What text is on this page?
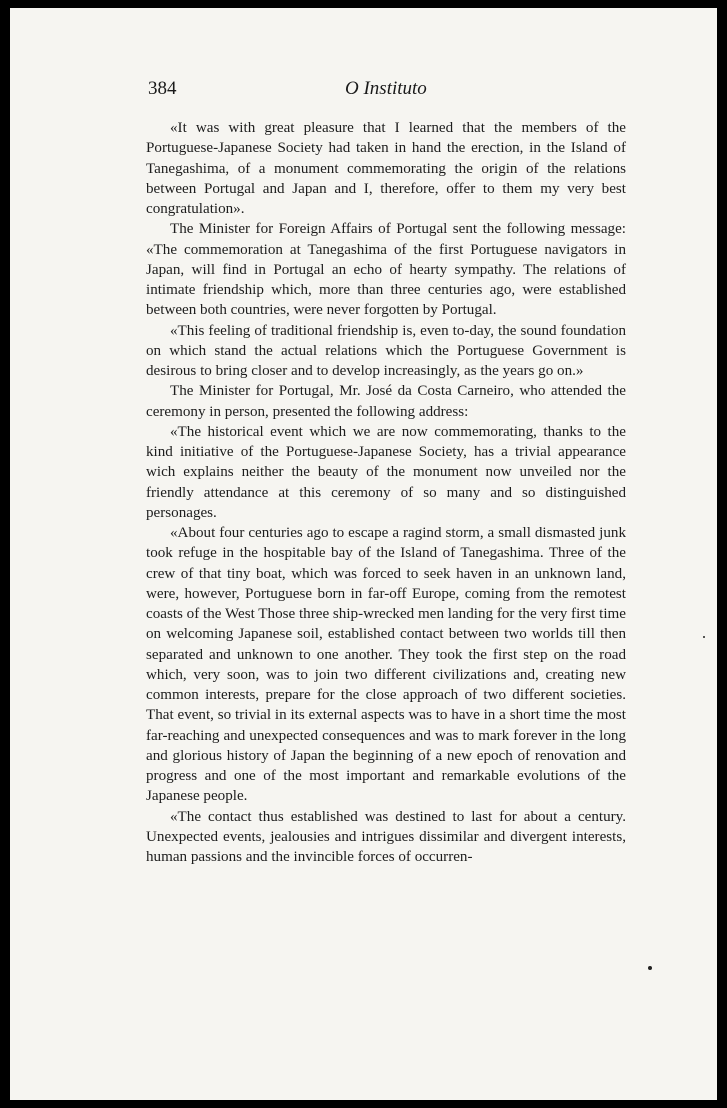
384	O Instituto

«It was with great pleasure that I learned that the members of the Portuguese-Japanese Society had taken in hand the erection, in the Island of Tanegashima, of a monument commemorating the origin of the relations between Portugal and Japan and I, therefore, offer to them my very best congratulation».

The Minister for Foreign Affairs of Portugal sent the following message: «The commemoration at Tanegashima of the first Portuguese navigators in Japan, will find in Portugal an echo of hearty sympathy. The relations of intimate friendship which, more than three centuries ago, were established between both countries, were never forgotten by Portugal.

«This feeling of traditional friendship is, even to-day, the sound foundation on which stand the actual relations which the Portuguese Government is desirous to bring closer and to develop increasingly, as the years go on.»

The Minister for Portugal, Mr. José da Costa Carneiro, who attended the ceremony in person, presented the following address:

«The historical event which we are now commemorating, thanks to the kind initiative of the Portuguese-Japanese Society, has a trivial appearance wich explains neither the beauty of the monument now unveiled nor the friendly attendance at this ceremony of so many and so distinguished personages.

«About four centuries ago to escape a ragind storm, a small dismasted junk took refuge in the hospitable bay of the Island of Tanegashima. Three of the crew of that tiny boat, which was forced to seek haven in an unknown land, were, however, Portuguese born in far-off Europe, coming from the remotest coasts of the West Those three ship-wrecked men landing for the very first time on welcoming Japanese soil, established contact between two worlds till then separated and unknown to one another. They took the first step on the road which, very soon, was to join two different civilizations and, creating new common interests, prepare for the close approach of two different societies. That event, so trivial in its external aspects was to have in a short time the most far-reaching and unexpected consequences and was to mark forever in the long and glorious history of Japan the beginning of a new epoch of renovation and progress and one of the most important and remarkable evolutions of the Japanese people.

«The contact thus established was destined to last for about a century. Unexpected events, jealousies and intrigues dissimilar and divergent interests, human passions and the invincible forces of occurren-
